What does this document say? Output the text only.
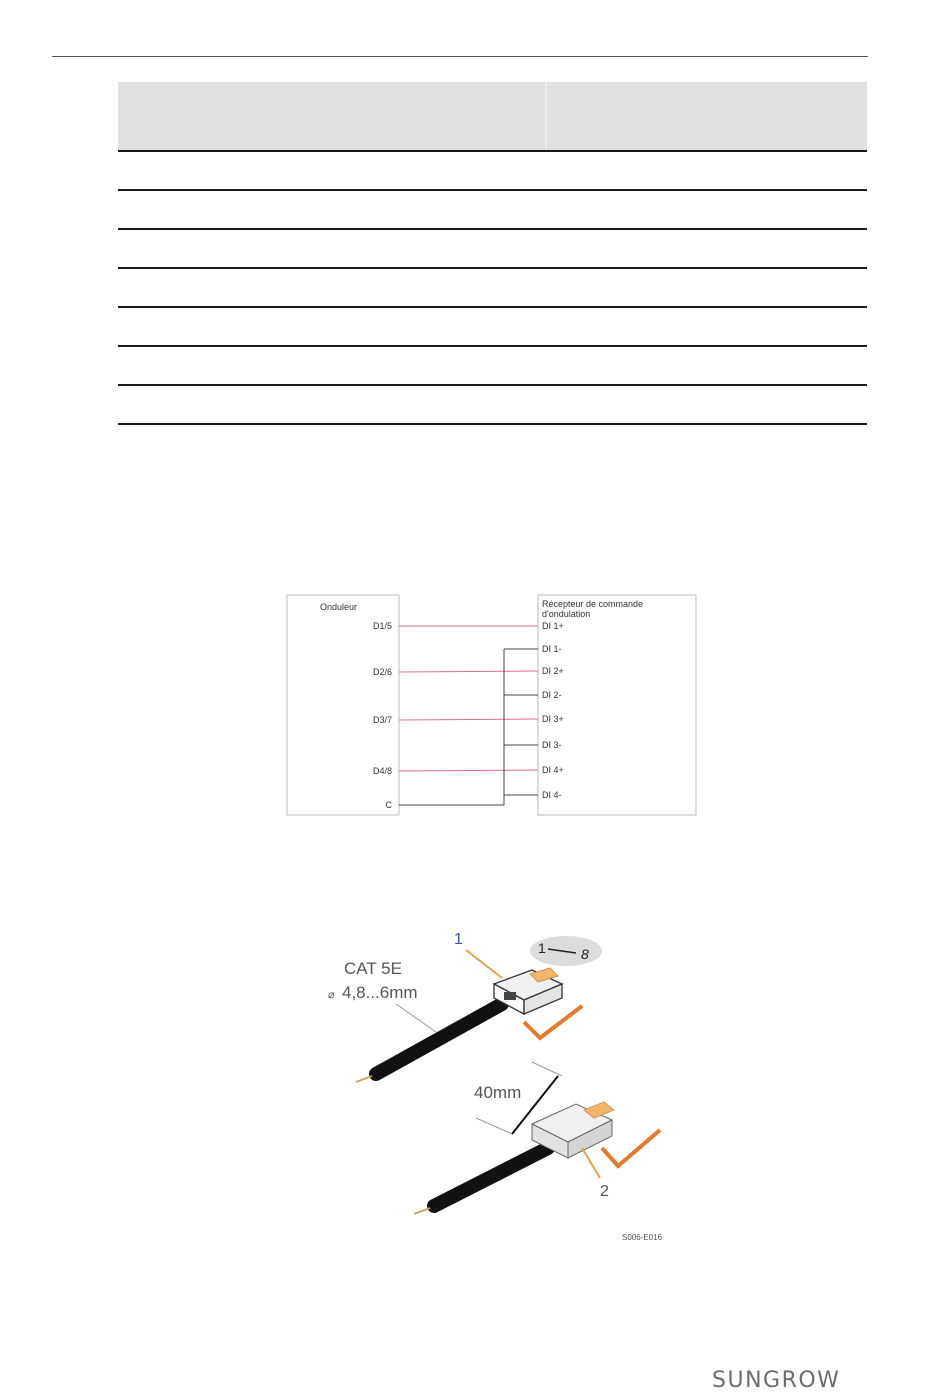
Onduleur	Récepteur de commande
d'ondulation
D1/5
D2/6
D3/7
D4/8
C
DI 1+
DI 1-
DI 2+
DI 2-
DI 3+
DI 3-
DI 4+
DI 4-
1	8
1
CAT 5E
⌀ 4,8...6mm
40mm
2
S006-E016
SUNGROW
